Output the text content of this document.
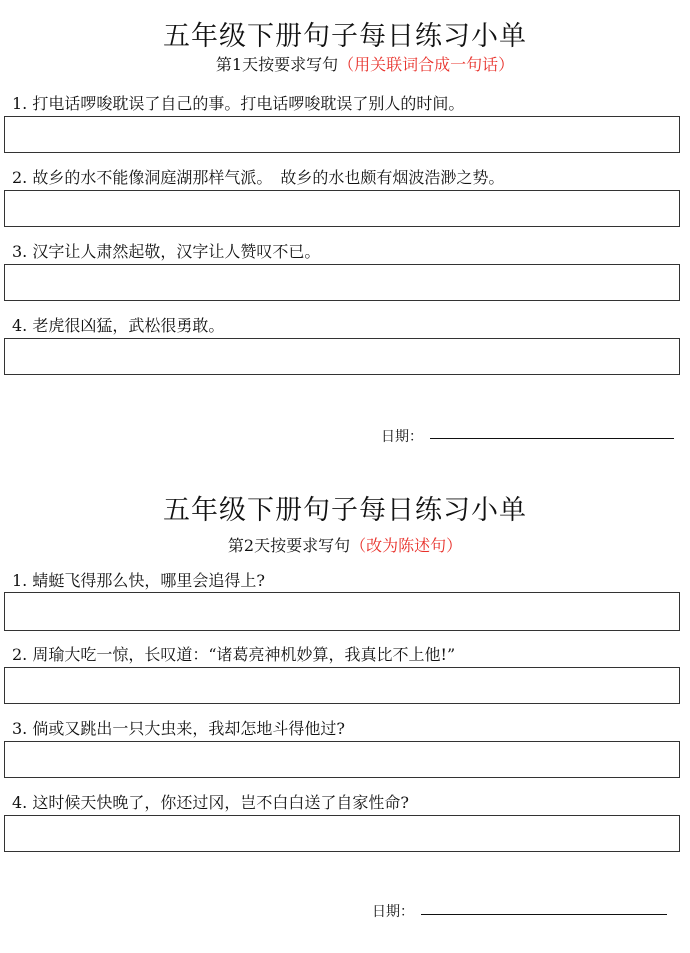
五年级下册句子每日练习小单
第1天按要求写句（用关联词合成一句话）
1. 打电话啰唆耽误了自己的事。打电话啰唆耽误了别人的时间。
2. 故乡的水不能像洞庭湖那样气派。　故乡的水也颇有烟波浩渺之势。
3. 汉字让人肃然起敬，汉字让人赞叹不已。
4. 老虎很凶猛，武松很勇敢。
日期：
五年级下册句子每日练习小单
第2天按要求写句（改为陈述句）
1. 蜻蜓飞得那么快，哪里会追得上?
2. 周瑜大吃一惊，长叹道：“诸葛亮神机妙算，我真比不上他!”
3. 倘或又跳出一只大虫来，我却怎地斗得他过?
4. 这时候天快晚了，你还过冈，岂不白白送了自家性命?
日期：
